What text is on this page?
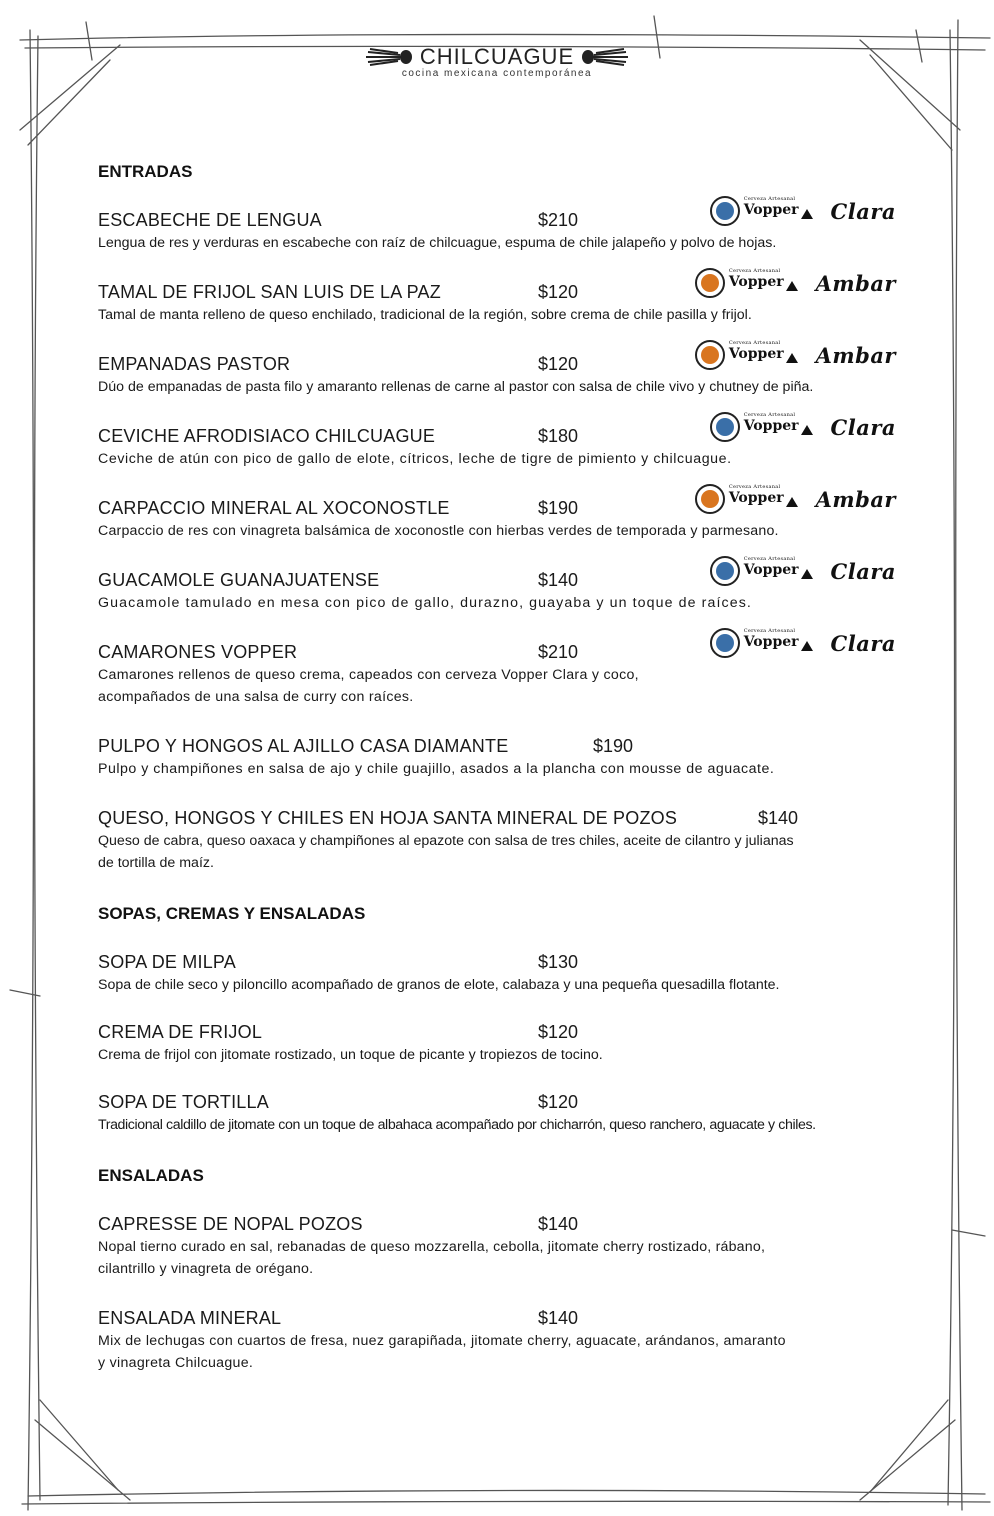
CHILCUAGUE
cocina mexicana contemporánea
ENTRADAS
ESCABECHE DE LENGUA	$210
Cerveza Artesanal
Vopper Clara
Lengua de res y verduras en escabeche con raíz de chilcuague, espuma de chile jalapeño y polvo de hojas.
TAMAL DE FRIJOL SAN LUIS DE LA PAZ	$120
Cerveza Artesanal
Vopper Ambar
Tamal de manta relleno de queso enchilado, tradicional de la región, sobre crema de chile pasilla y frijol.
EMPANADAS PASTOR	$120
Cerveza Artesanal
Vopper Ambar
Dúo de empanadas de pasta filo y amaranto rellenas de carne al pastor con salsa de chile vivo y chutney de piña.
CEVICHE AFRODISIACO CHILCUAGUE	$180
Cerveza Artesanal
Vopper Clara
Ceviche de atún con pico de gallo de elote, cítricos, leche de tigre de pimiento y chilcuague.
CARPACCIO MINERAL AL XOCONOSTLE	$190
Cerveza Artesanal
Vopper Ambar
Carpaccio de res con vinagreta balsámica de xoconostle con hierbas verdes de temporada y parmesano.
GUACAMOLE GUANAJUATENSE	$140
Cerveza Artesanal
Vopper Clara
Guacamole tamulado en mesa con pico de gallo, durazno, guayaba y un toque de raíces.
CAMARONES VOPPER	$210
Cerveza Artesanal
Vopper Clara
Camarones rellenos de queso crema, capeados con cerveza Vopper Clara y coco,
acompañados de una salsa de curry con raíces.
PULPO Y HONGOS AL AJILLO CASA DIAMANTE	$190
Pulpo y champiñones en salsa de ajo y chile guajillo, asados a la plancha con mousse de aguacate.
QUESO, HONGOS Y CHILES EN HOJA SANTA MINERAL DE POZOS	$140
Queso de cabra, queso oaxaca y champiñones al epazote con salsa de tres chiles, aceite de cilantro y julianas
de tortilla de maíz.
SOPAS, CREMAS Y ENSALADAS
SOPA DE MILPA	$130
Sopa de chile seco y piloncillo acompañado de granos de elote, calabaza y una pequeña quesadilla flotante.
CREMA DE FRIJOL	$120
Crema de frijol con jitomate rostizado, un toque de picante y tropiezos de tocino.
SOPA DE TORTILLA	$120
Tradicional caldillo de jitomate con un toque de albahaca acompañado por chicharrón, queso ranchero, aguacate y chiles.
ENSALADAS
CAPRESSE DE NOPAL POZOS	$140
Nopal tierno curado en sal, rebanadas de queso mozzarella, cebolla, jitomate cherry rostizado, rábano,
cilantrillo y vinagreta de orégano.
ENSALADA MINERAL	$140
Mix de lechugas con cuartos de fresa, nuez garapiñada, jitomate cherry, aguacate, arándanos, amaranto
y vinagreta Chilcuague.
